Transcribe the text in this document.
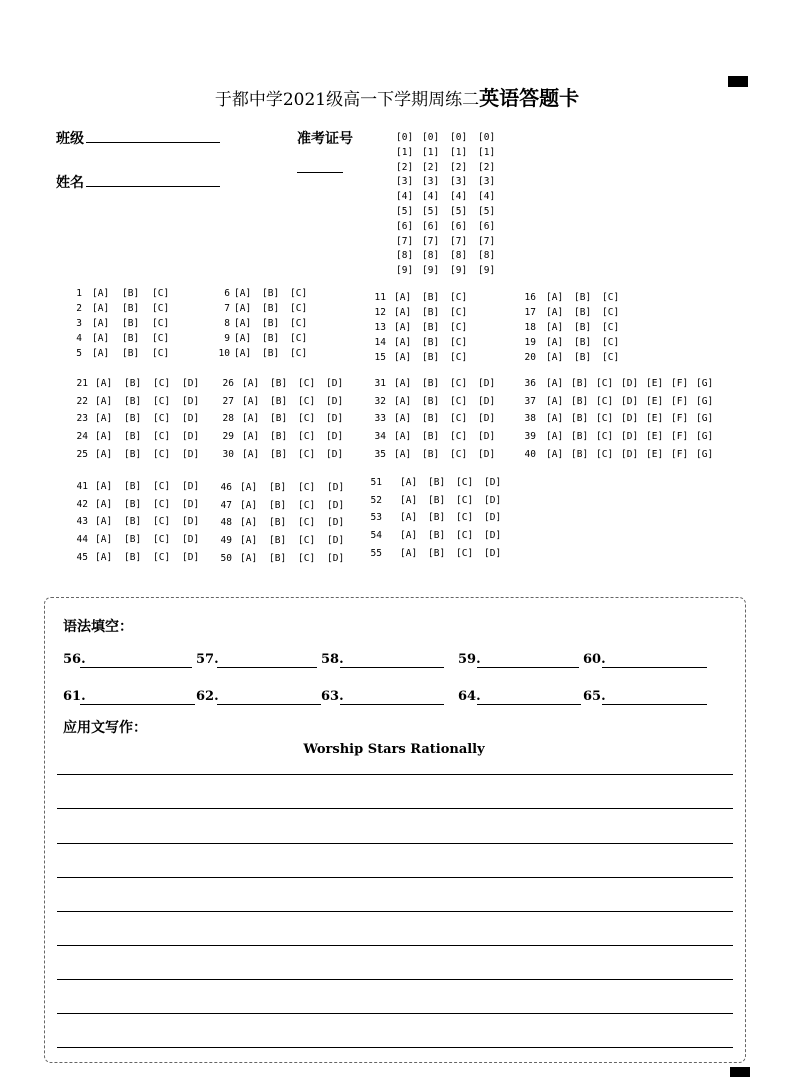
于都中学2021级高一下学期周练二英语答题卡
班级
姓名
准考证号	[0] [0] [0] [0]
[1] [1] [1] [1]
[2] [2] [2] [2]
[3] [3] [3] [3]
[4] [4] [4] [4]
[5] [5] [5] [5]
[6] [6] [6] [6]
[7] [7] [7] [7]
[8] [8] [8] [8]
[9] [9] [9] [9]
1 [A] [B] [C]
2 [A] [B] [C]
3 [A] [B] [C]
4 [A] [B] [C]
5 [A] [B] [C]
6 [A] [B] [C]
7 [A] [B] [C]
8 [A] [B] [C]
9 [A] [B] [C]
10 [A] [B] [C]
11 [A] [B] [C]
12 [A] [B] [C]
13 [A] [B] [C]
14 [A] [B] [C]
15 [A] [B] [C]
16 [A] [B] [C]
17 [A] [B] [C]
18 [A] [B] [C]
19 [A] [B] [C]
20 [A] [B] [C]
21 [A] [B] [C] [D]
22 [A] [B] [C] [D]
23 [A] [B] [C] [D]
24 [A] [B] [C] [D]
25 [A] [B] [C] [D]
26 [A] [B] [C] [D]
27 [A] [B] [C] [D]
28 [A] [B] [C] [D]
29 [A] [B] [C] [D]
30 [A] [B] [C] [D]
31 [A] [B] [C] [D]
32 [A] [B] [C] [D]
33 [A] [B] [C] [D]
34 [A] [B] [C] [D]
35 [A] [B] [C] [D]
36 [A] [B] [C] [D] [E] [F] [G]
37 [A] [B] [C] [D] [E] [F] [G]
38 [A] [B] [C] [D] [E] [F] [G]
39 [A] [B] [C] [D] [E] [F] [G]
40 [A] [B] [C] [D] [E] [F] [G]
41 [A] [B] [C] [D]
42 [A] [B] [C] [D]
43 [A] [B] [C] [D]
44 [A] [B] [C] [D]
45 [A] [B] [C] [D]
46 [A] [B] [C] [D]
47 [A] [B] [C] [D]
48 [A] [B] [C] [D]
49 [A] [B] [C] [D]
50 [A] [B] [C] [D]
51 [A] [B] [C] [D]
52 [A] [B] [C] [D]
53 [A] [B] [C] [D]
54 [A] [B] [C] [D]
55 [A] [B] [C] [D]
语法填空：
56.	57.	58.	59.	60.
61.	62.	63.	64.	65.
应用文写作：
Worship Stars Rationally
